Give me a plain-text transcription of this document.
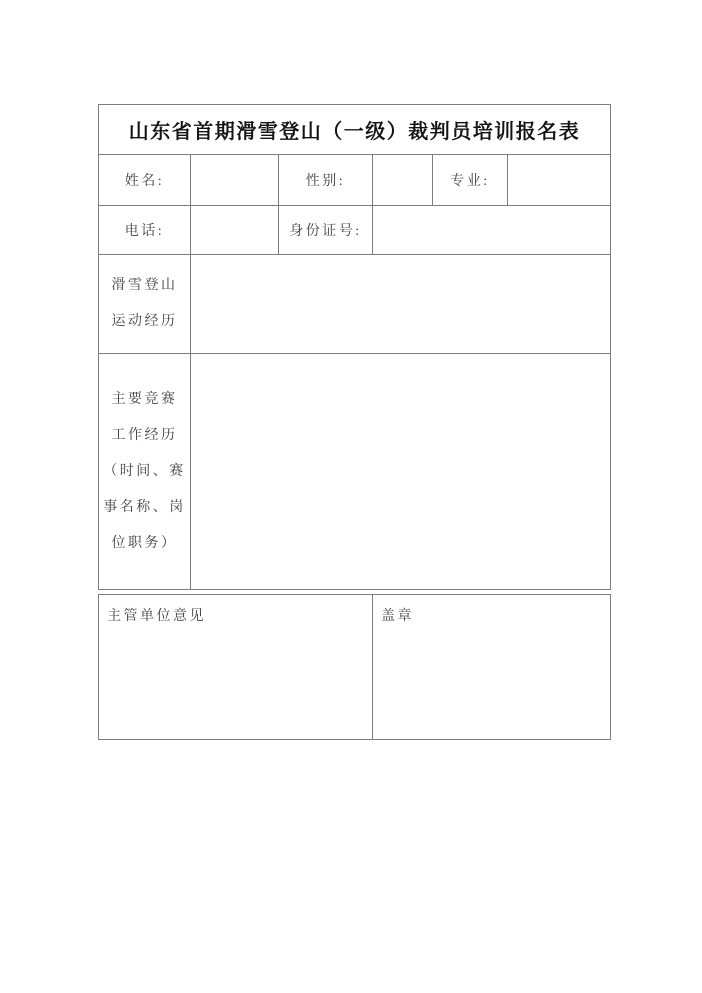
山东省首期滑雪登山（一级）裁判员培训报名表					
姓名:		性别:		专业:	
电话:		身份证号:			

滑雪登山
运动经历					

主要竞赛
工作经历
（时间、赛
事名称、岗
位职务）					

主管单位意见	盖章
